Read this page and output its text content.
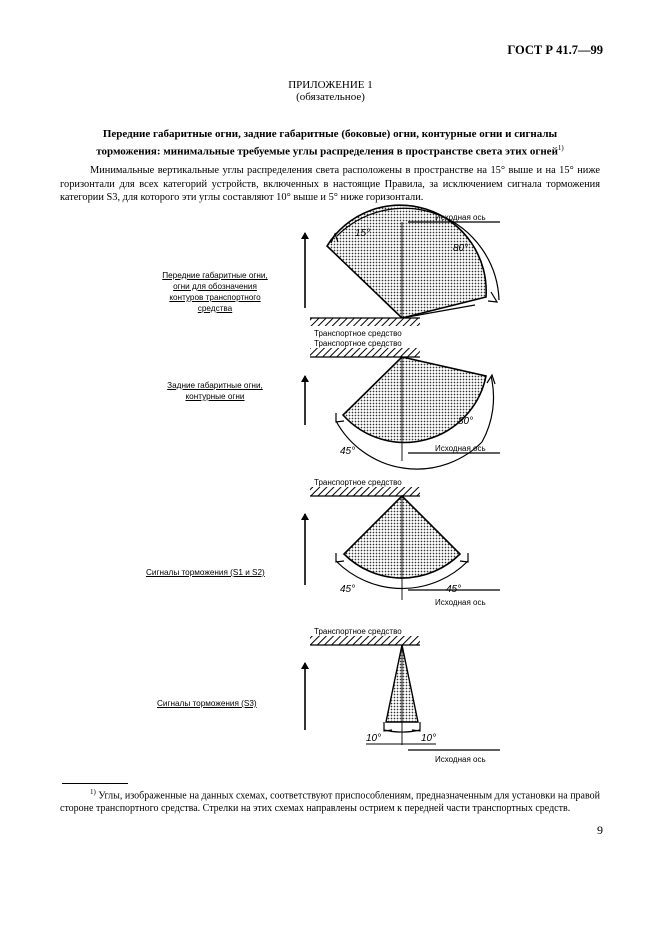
ГОСТ Р 41.7—99
ПРИЛОЖЕНИЕ 1
(обязательное)
Передние габаритные огни, задние габаритные (боковые) огни, контурные огни и сигналы
торможения: минимальные требуемые углы распределения в пространстве света этих огней$^{1)}$
Минимальные вертикальные углы распределения света расположены в пространстве на 15° выше и на 15° ниже горизонтали для всех категорий устройств, включенных в настоящие Правила, за исключением сигнала торможения категории S3, для которого эти углы составляют 10° выше и 5° ниже горизонтали.
Передние габаритные огни,
огни для обозначения
контуров транспортного
средства
Задние габаритные огни,
контурные огни
Сигналы торможения (S1 и S2)
Сигналы торможения (S3)
15°
80°
Исходная ось
Транспортное средство
Транспортное средство
45°
80°
Исходная ось
Транспортное средство
45°	45°
Исходная ось
Транспортное средство
10°	10°
Исходная ось
$^{1)}$ Углы, изображенные на данных схемах, соответствуют приспособлениям, предназначенным для установки на правой стороне транспортного средства. Стрелки на этих схемах направлены острием к передней части транспортных средств.
9
